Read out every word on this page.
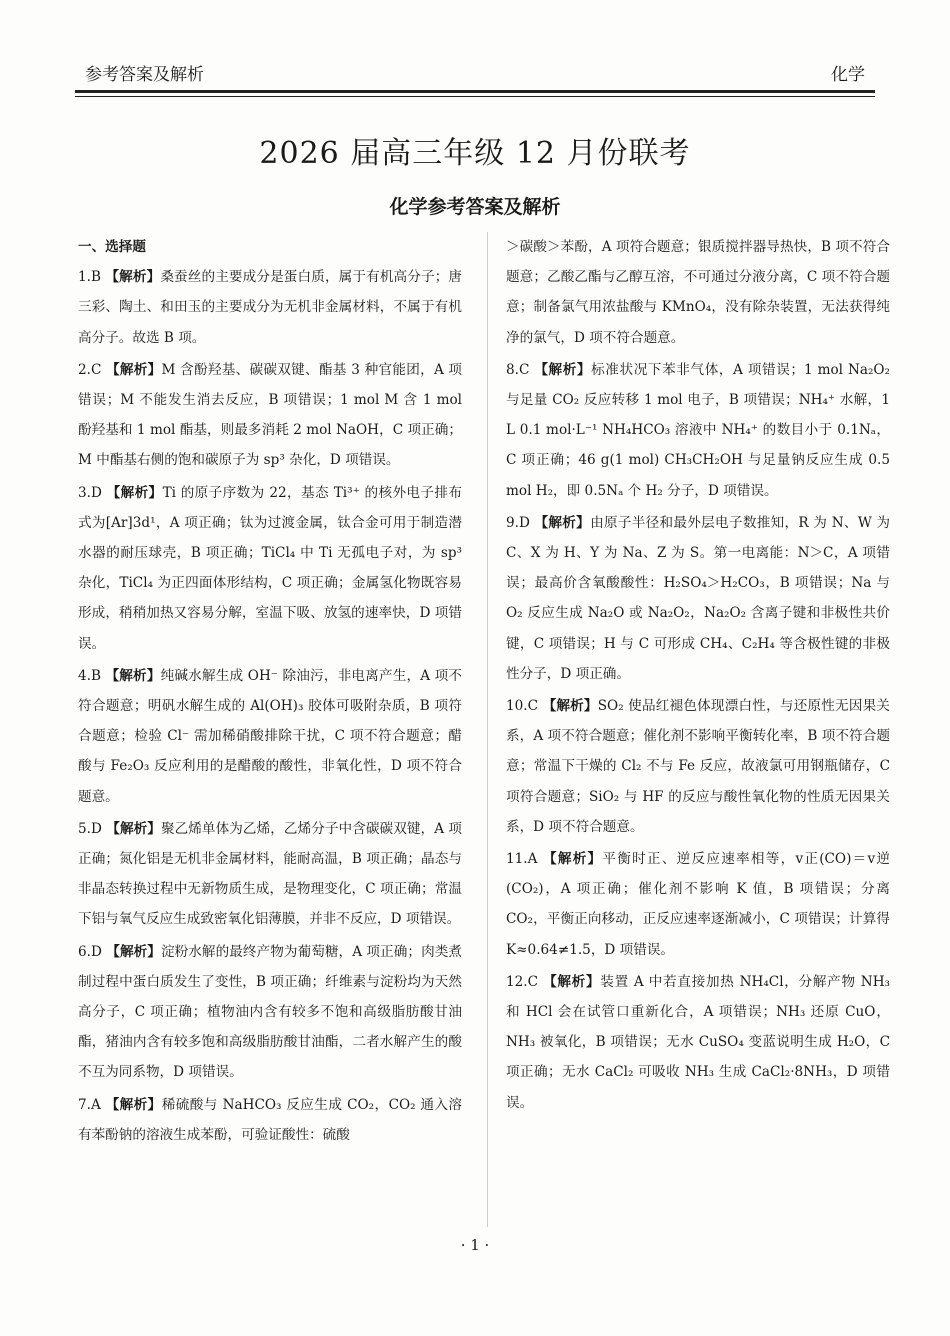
参考答案及解析	化学
2026 届高三年级 12 月份联考
化学参考答案及解析
一、选择题
1.B 【解析】桑蚕丝的主要成分是蛋白质，属于有机高分子；唐三彩、陶土、和田玉的主要成分为无机非金属材料，不属于有机高分子。故选 B 项。
2.C 【解析】M 含酚羟基、碳碳双键、酯基 3 种官能团，A 项错误；M 不能发生消去反应，B 项错误；1 mol M 含 1 mol 酚羟基和 1 mol 酯基，则最多消耗 2 mol NaOH，C 项正确；M 中酯基右侧的饱和碳原子为 sp³ 杂化，D 项错误。
3.D 【解析】Ti 的原子序数为 22，基态 Ti³⁺ 的核外电子排布式为[Ar]3d¹，A 项正确；钛为过渡金属，钛合金可用于制造潜水器的耐压球壳，B 项正确；TiCl₄ 中 Ti 无孤电子对，为 sp³ 杂化，TiCl₄ 为正四面体形结构，C 项正确；金属氢化物既容易形成，稍稍加热又容易分解，室温下吸、放氢的速率快，D 项错误。
4.B 【解析】纯碱水解生成 OH⁻ 除油污，非电离产生，A 项不符合题意；明矾水解生成的 Al(OH)₃ 胶体可吸附杂质，B 项符合题意；检验 Cl⁻ 需加稀硝酸排除干扰，C 项不符合题意；醋酸与 Fe₂O₃ 反应利用的是醋酸的酸性，非氧化性，D 项不符合题意。
5.D 【解析】聚乙烯单体为乙烯，乙烯分子中含碳碳双键，A 项正确；氮化铝是无机非金属材料，能耐高温，B 项正确；晶态与非晶态转换过程中无新物质生成，是物理变化，C 项正确；常温下铝与氧气反应生成致密氧化铝薄膜，并非不反应，D 项错误。
6.D 【解析】淀粉水解的最终产物为葡萄糖，A 项正确；肉类煮制过程中蛋白质发生了变性，B 项正确；纤维素与淀粉均为天然高分子，C 项正确；植物油内含有较多不饱和高级脂肪酸甘油酯，猪油内含有较多饱和高级脂肪酸甘油酯，二者水解产生的酸不互为同系物，D 项错误。
7.A 【解析】稀硫酸与 NaHCO₃ 反应生成 CO₂，CO₂ 通入溶有苯酚钠的溶液生成苯酚，可验证酸性：硫酸
＞碳酸＞苯酚，A 项符合题意；银质搅拌器导热快，B 项不符合题意；乙酸乙酯与乙醇互溶，不可通过分液分离，C 项不符合题意；制备氯气用浓盐酸与 KMnO₄，没有除杂装置，无法获得纯净的氯气，D 项不符合题意。
8.C 【解析】标准状况下苯非气体，A 项错误；1 mol Na₂O₂ 与足量 CO₂ 反应转移 1 mol 电子，B 项错误；NH₄⁺ 水解，1 L 0.1 mol·L⁻¹ NH₄HCO₃ 溶液中 NH₄⁺ 的数目小于 0.1Nₐ，C 项正确；46 g(1 mol) CH₃CH₂OH 与足量钠反应生成 0.5 mol H₂，即 0.5Nₐ 个 H₂ 分子，D 项错误。
9.D 【解析】由原子半径和最外层电子数推知，R 为 N、W 为 C、X 为 H、Y 为 Na、Z 为 S。第一电离能：N＞C，A 项错误；最高价含氧酸酸性：H₂SO₄＞H₂CO₃，B 项错误；Na 与 O₂ 反应生成 Na₂O 或 Na₂O₂，Na₂O₂ 含离子键和非极性共价键，C 项错误；H 与 C 可形成 CH₄、C₂H₄ 等含极性键的非极性分子，D 项正确。
10.C 【解析】SO₂ 使品红褪色体现漂白性，与还原性无因果关系，A 项不符合题意；催化剂不影响平衡转化率，B 项不符合题意；常温下干燥的 Cl₂ 不与 Fe 反应，故液氯可用钢瓶储存，C 项符合题意；SiO₂ 与 HF 的反应与酸性氧化物的性质无因果关系，D 项不符合题意。
11.A 【解析】平衡时正、逆反应速率相等，v正(CO)＝v逆(CO₂)，A 项正确；催化剂不影响 K 值，B 项错误；分离 CO₂，平衡正向移动，正反应速率逐渐减小，C 项错误；计算得 K≈0.64≠1.5，D 项错误。
12.C 【解析】装置 A 中若直接加热 NH₄Cl，分解产物 NH₃ 和 HCl 会在试管口重新化合，A 项错误；NH₃ 还原 CuO，NH₃ 被氧化，B 项错误；无水 CuSO₄ 变蓝说明生成 H₂O，C 项正确；无水 CaCl₂ 可吸收 NH₃ 生成 CaCl₂·8NH₃，D 项错误。
· 1 ·
